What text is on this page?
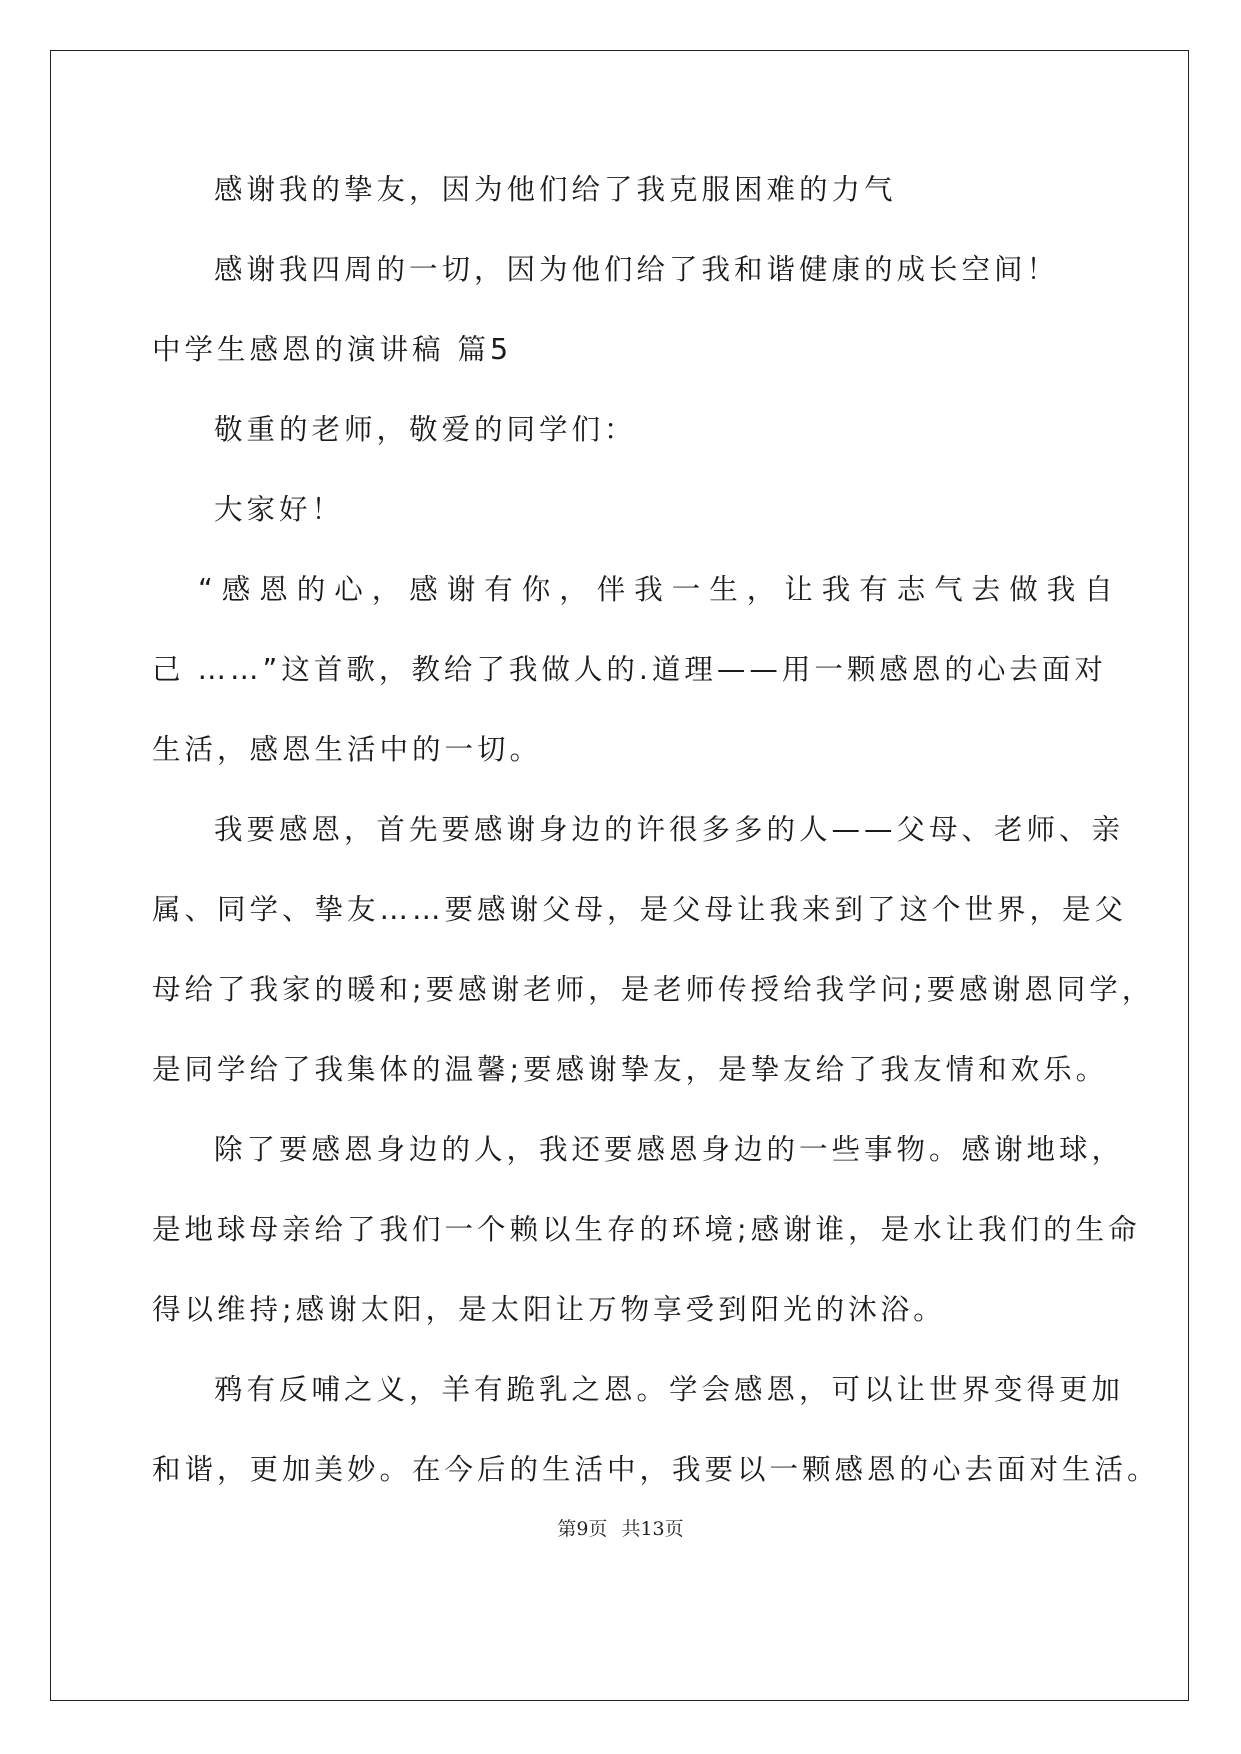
感谢我的挚友，因为他们给了我克服困难的力气
感谢我四周的一切，因为他们给了我和谐健康的成长空间！
中学生感恩的演讲稿 篇5
敬重的老师，敬爱的同学们：
大家好！
“感恩的心，感谢有你，伴我一生，让我有志气去做我自
己 ……”这首歌，教给了我做人的.道理——用一颗感恩的心去面对
生活，感恩生活中的一切。
我要感恩，首先要感谢身边的许很多多的人——父母、老师、亲
属、同学、挚友……要感谢父母，是父母让我来到了这个世界，是父
母给了我家的暖和;要感谢老师，是老师传授给我学问;要感谢恩同学，
是同学给了我集体的温馨;要感谢挚友，是挚友给了我友情和欢乐。
除了要感恩身边的人，我还要感恩身边的一些事物。感谢地球，
是地球母亲给了我们一个赖以生存的环境;感谢谁，是水让我们的生命
得以维持;感谢太阳，是太阳让万物享受到阳光的沐浴。
鸦有反哺之义，羊有跪乳之恩。学会感恩，可以让世界变得更加
和谐，更加美妙。在今后的生活中，我要以一颗感恩的心去面对生活。
第9页 共13页
